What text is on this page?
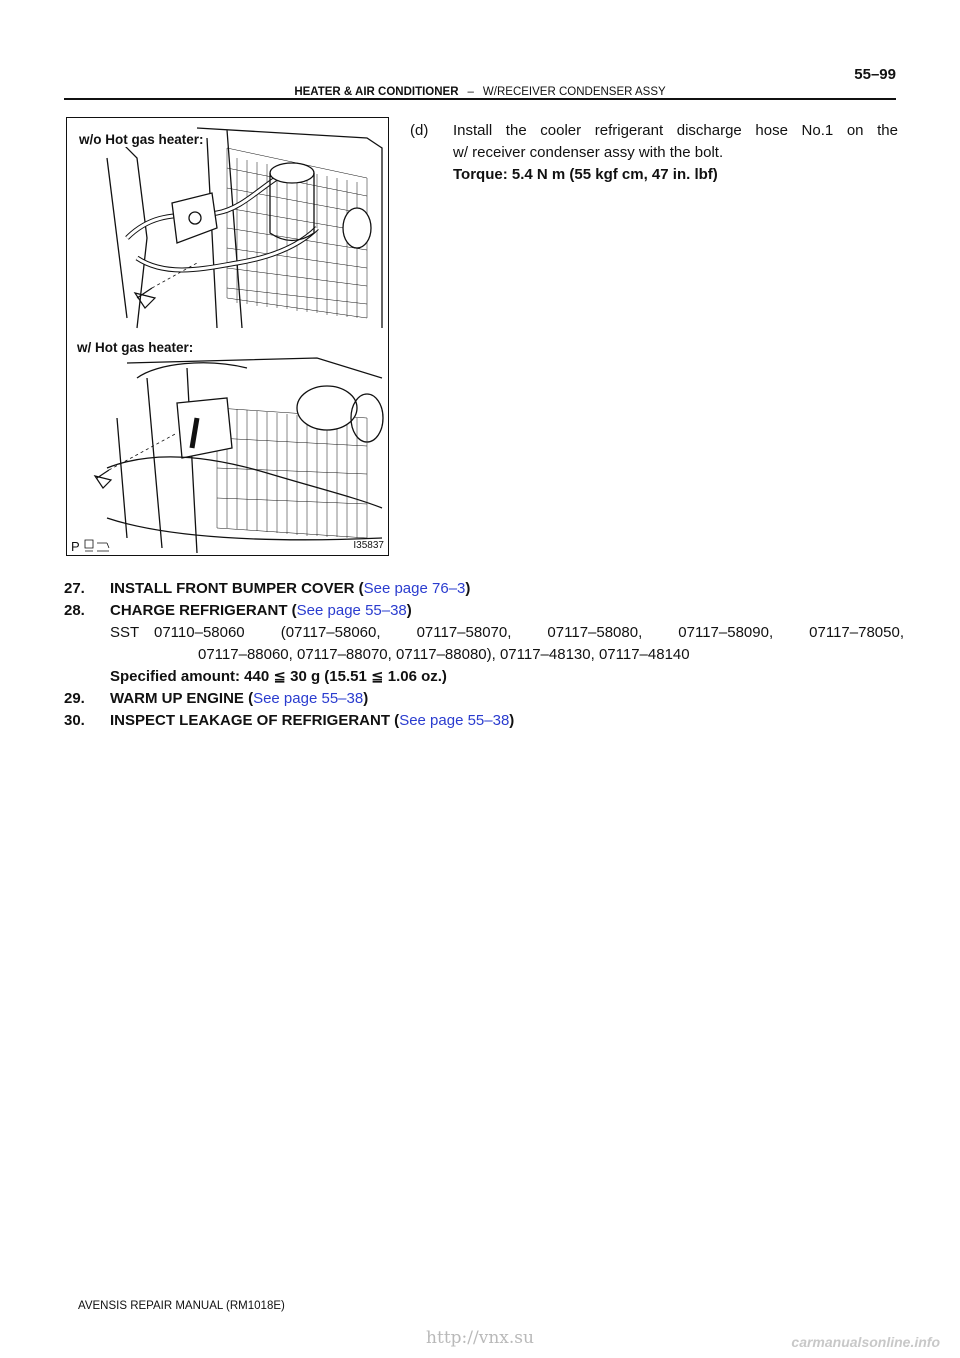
55–99
HEATER & AIR CONDITIONER – W/RECEIVER CONDENSER ASSY
w/o Hot gas heater:
w/ Hot gas heater:
I35837
P
(d) Install the cooler refrigerant discharge hose No.1 on the
w/ receiver condenser assy with the bolt.
Torque: 5.4 N m (55 kgf cm, 47 in. lbf)
27. INSTALL FRONT BUMPER COVER (See page 76–3)
28. CHARGE REFRIGERANT (See page 55–38)
SST 07110–58060 (07117–58060, 07117–58070, 07117–58080, 07117–58090, 07117–78050,
07117–88060, 07117–88070, 07117–88080), 07117–48130, 07117–48140
Specified amount: 440 ≦ 30 g (15.51 ≦ 1.06 oz.)
29. WARM UP ENGINE (See page 55–38)
30. INSPECT LEAKAGE OF REFRIGERANT (See page 55–38)
AVENSIS REPAIR MANUAL (RM1018E)
http://vnx.su	carmanualsonline.info
